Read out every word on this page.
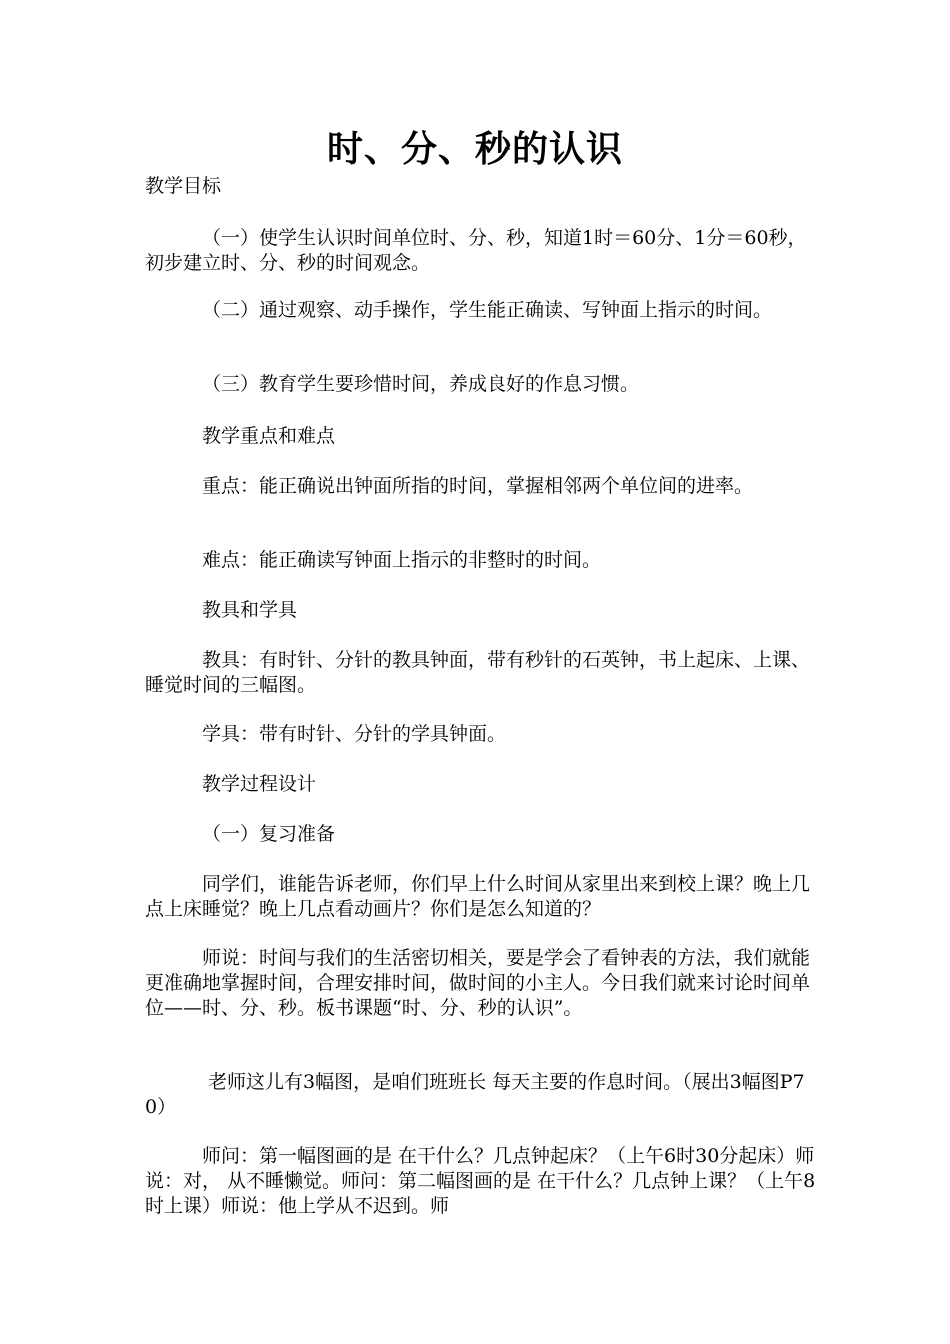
时、分、秒的认识

教学目标

（一）使学生认识时间单位时、分、秒，知道1时＝60分、1分＝60秒，初步建立时、分、秒的时间观念。

（二）通过观察、动手操作，学生能正确读、写钟面上指示的时间。

（三）教育学生要珍惜时间，养成良好的作息习惯。

教学重点和难点

重点：能正确说出钟面所指的时间，掌握相邻两个单位间的进率。

难点：能正确读写钟面上指示的非整时的时间。

教具和学具

教具：有时针、分针的教具钟面，带有秒针的石英钟，书上起床、上课、睡觉时间的三幅图。

学具：带有时针、分针的学具钟面。

教学过程设计

（一）复习准备

同学们，谁能告诉老师，你们早上什么时间从家里出来到校上课？晚上几点上床睡觉？晚上几点看动画片？你们是怎么知道的？

师说：时间与我们的生活密切相关，要是学会了看钟表的方法，我们就能更准确地掌握时间，合理安排时间，做时间的小主人。今日我们就来讨论时间单位——时、分、秒。板书课题“时、分、秒的认识”。

老师这儿有3幅图，是咱们班班长 每天主要的作息时间。（展出3幅图P70）

师问：第一幅图画的是 在干什么？几点钟起床？（上午6时30分起床）师说：对， 从不睡懒觉。师问：第二幅图画的是 在干什么？几点钟上课？（上午8时上课）师说：他上学从不迟到。师
